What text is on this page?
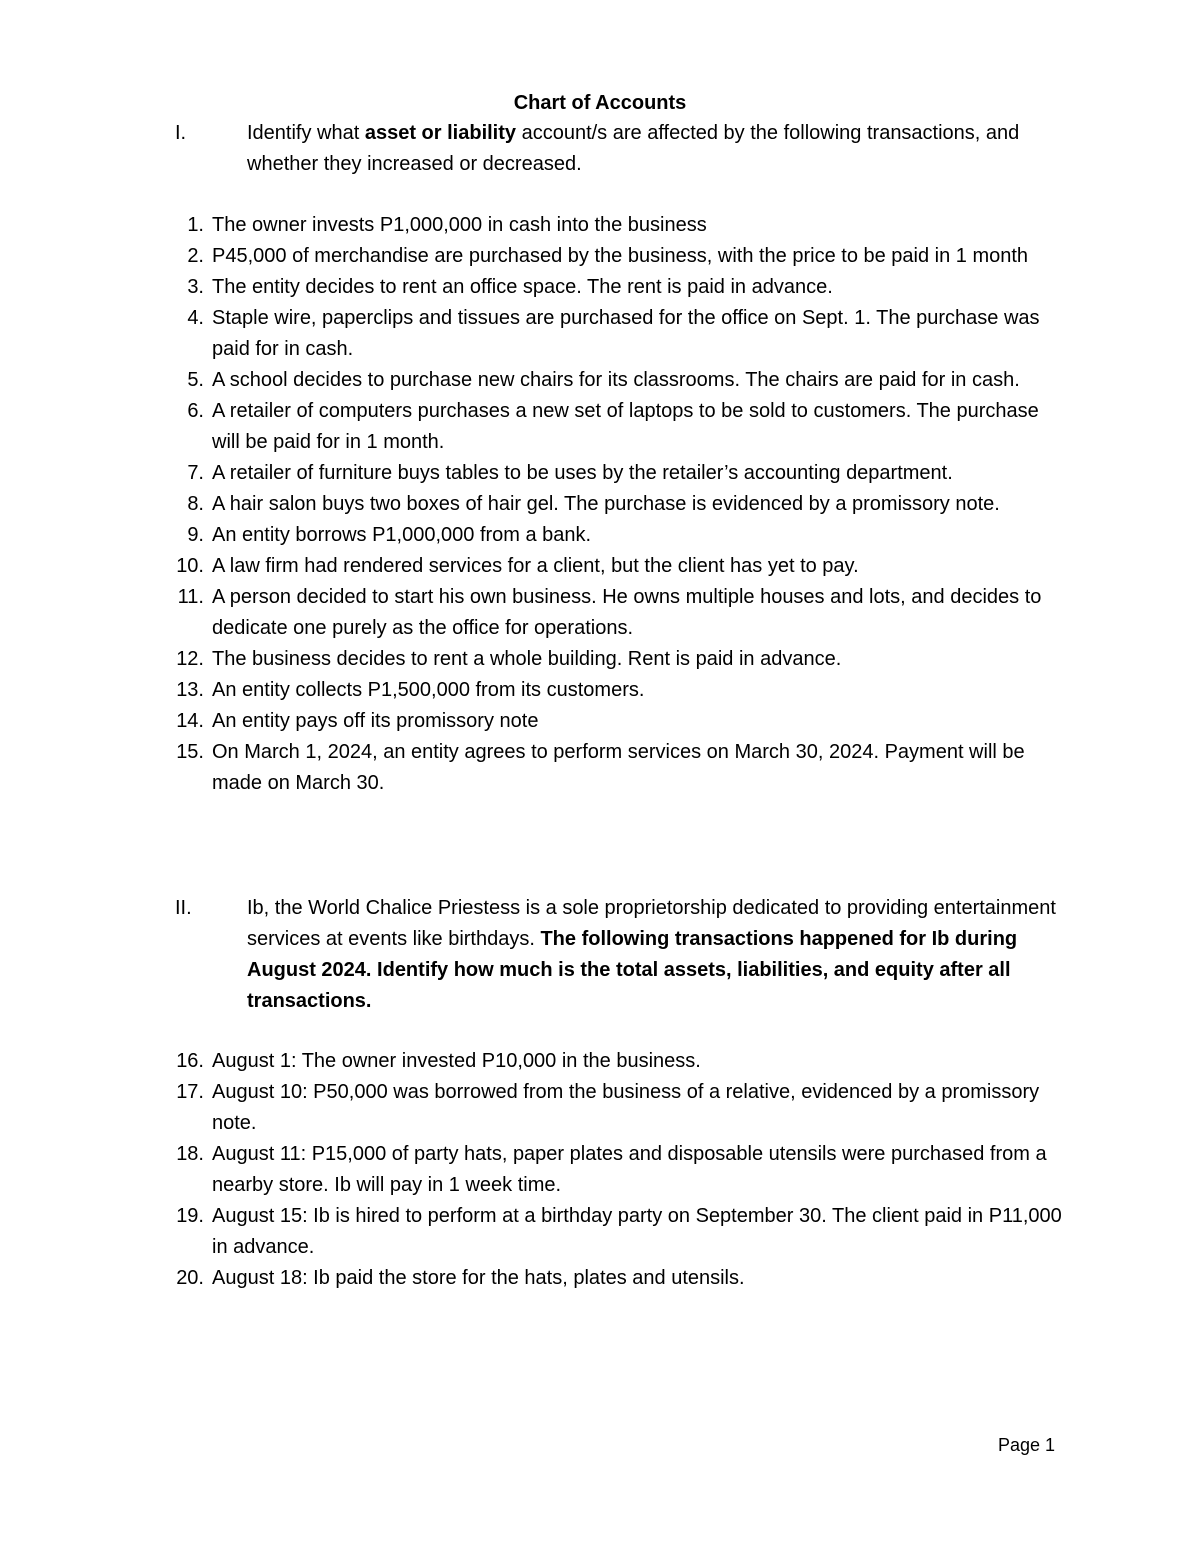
Chart of Accounts
I.	Identify what asset or liability account/s are affected by the following transactions, and whether they increased or decreased.
1. The owner invests P1,000,000 in cash into the business
2. P45,000 of merchandise are purchased by the business, with the price to be paid in 1 month
3. The entity decides to rent an office space. The rent is paid in advance.
4. Staple wire, paperclips and tissues are purchased for the office on Sept. 1. The purchase was paid for in cash.
5. A school decides to purchase new chairs for its classrooms. The chairs are paid for in cash.
6. A retailer of computers purchases a new set of laptops to be sold to customers. The purchase will be paid for in 1 month.
7. A retailer of furniture buys tables to be uses by the retailer’s accounting department.
8. A hair salon buys two boxes of hair gel. The purchase is evidenced by a promissory note.
9. An entity borrows P1,000,000 from a bank.
10. A law firm had rendered services for a client, but the client has yet to pay.
11. A person decided to start his own business. He owns multiple houses and lots, and decides to dedicate one purely as the office for operations.
12. The business decides to rent a whole building. Rent is paid in advance.
13. An entity collects P1,500,000 from its customers.
14. An entity pays off its promissory note
15. On March 1, 2024, an entity agrees to perform services on March 30, 2024. Payment will be made on March 30.
II.	Ib, the World Chalice Priestess is a sole proprietorship dedicated to providing entertainment services at events like birthdays. The following transactions happened for Ib during August 2024. Identify how much is the total assets, liabilities, and equity after all transactions.
16. August 1: The owner invested P10,000 in the business.
17. August 10: P50,000 was borrowed from the business of a relative, evidenced by a promissory note.
18. August 11: P15,000 of party hats, paper plates and disposable utensils were purchased from a nearby store. Ib will pay in 1 week time.
19. August 15: Ib is hired to perform at a birthday party on September 30. The client paid in P11,000 in advance.
20. August 18: Ib paid the store for the hats, plates and utensils.
Page 1
